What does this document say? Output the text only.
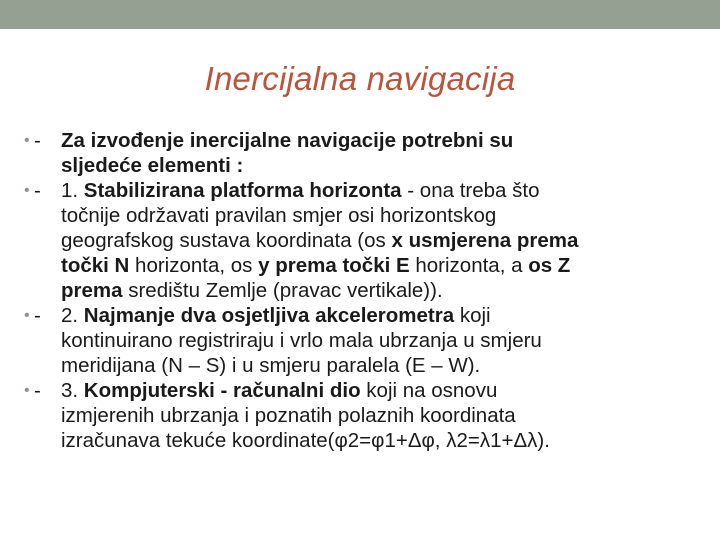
Inercijalna navigacija
• - Za izvođenje inercijalne navigacije potrebni su
sljedeće elementi :
• - 1. Stabilizirana platforma horizonta - ona treba što
točnije održavati pravilan smjer osi horizontskog
geografskog sustava koordinata (os x usmjerena prema
točki N horizonta, os y prema točki E horizonta, a os Z
prema središtu Zemlje (pravac vertikale)).
• - 2. Najmanje dva osjetljiva akcelerometra koji
kontinuirano registriraju i vrlo mala ubrzanja u smjeru
meridijana (N – S) i u smjeru paralela (E – W).
• - 3. Kompjuterski - računalni dio koji na osnovu
izmjerenih ubrzanja i poznatih polaznih koordinata
izračunava tekuće koordinate(φ2=φ1+Δφ, λ2=λ1+Δλ).
